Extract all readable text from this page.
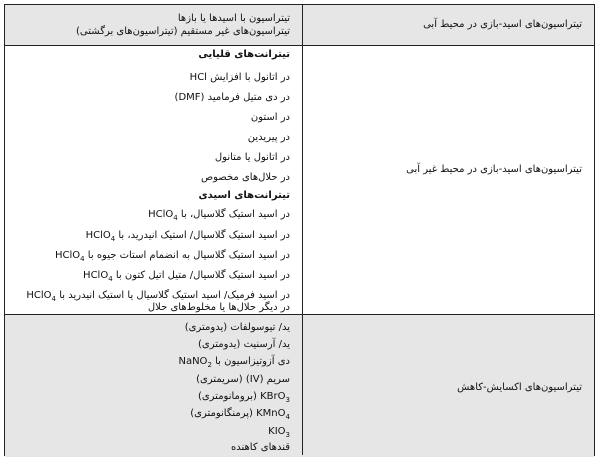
تیتراسیون‌های اسید-بازی در محیط آبی
تیتراسیون با اسیدها یا بازها
تیتراسیون‌های غیر مستقیم (تیتراسیون‌های برگشتی)
تیتراسیون‌های اسید-بازی در محیط غیر آبی
تیترانت‌های قلیایی
در اتانول با افزایش HCl
در دی متیل فرمامید (DMF)
در استون
در پیریدین
در اتانول یا متانول
در حلال‌های مخصوص
تیترانت‌های اسیدی
در اسید استیک گلاسیال، با HClO$_4$
در اسید استیک گلاسیال/ استیک انیدرید، با HClO$_4$
در اسید استیک گلاسیال به انضمام استات جیوه با HClO$_4$
در اسید استیک گلاسیال/ متیل اتیل کتون با HClO$_4$
در اسید فرمیک/ اسید استیک گلاسیال یا استیک انیدرید با HClO$_4$
در دیگر حلال‌ها یا مخلوط‌های حلال
تیتراسیون‌های اکسایش-کاهش
ید/ تیوسولفات (یدومتری)
ید/ آرسنیت (یدومتری)
دی آزوتیزاسیون با NaNO$_2$
سریم (IV) (سریمتری)
KBrO$_3$ (برومانومتری)
KMnO$_4$ (پرمنگانومتری)
$KIO_3$
قندهای کاهنده
